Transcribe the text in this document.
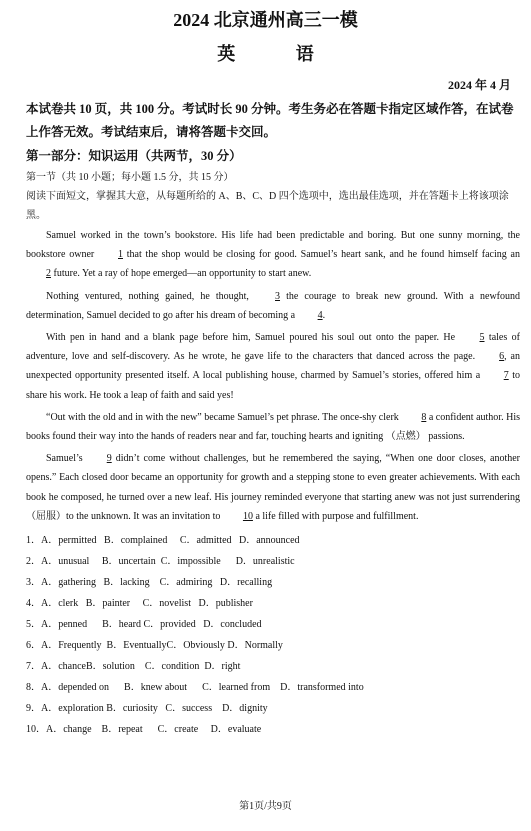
2024 北京通州高三一模
英 语
2024 年 4 月
本试卷共 10 页，共 100 分。考试时长 90 分钟。考生务必在答题卡指定区域作答，在试卷上作答无效。考试结束后，请将答题卡交回。
第一部分：知识运用（共两节，30 分）
第一节（共 10 小题；每小题 1.5 分，共 15 分）
阅读下面短文，掌握其大意，从每题所给的 A、B、C、D 四个选项中，选出最佳选项，并在答题卡上将该项涂黑。

Samuel worked in the town’s bookstore. His life had been predictable and boring. But one sunny morning, the bookstore owner 1 that the shop would be closing for good. Samuel’s heart sank, and he found himself facing an 2 future. Yet a ray of hope emerged—an opportunity to start anew.

Nothing ventured, nothing gained, he thought, 3 the courage to break new ground. With a newfound determination, Samuel decided to go after his dream of becoming a 4.

With pen in hand and a blank page before him, Samuel poured his soul out onto the paper. He 5 tales of adventure, love and self-discovery. As he wrote, he gave life to the characters that danced across the page. 6, an unexpected opportunity presented itself. A local publishing house, charmed by Samuel’s stories, offered him a 7 to share his work. He took a leap of faith and said yes!

“Out with the old and in with the new” became Samuel’s pet phrase. The once-shy clerk 8 a confident author. His books found their way into the hands of readers near and far, touching hearts and igniting （点燃） passions.

Samuel’s 9 didn’t come without challenges, but he remembered the saying, “When one door closes, another opens.” Each closed door became an opportunity for growth and a stepping stone to even greater achievements. With each book he composed, he turned over a new leaf. His journey reminded everyone that starting anew was not just surrendering（屈服）to the unknown. It was an invitation to 10 a life filled with purpose and fulfillment.

1．A．permitted   B．complained     C．admitted   D．announced
2．A．unusual     B．uncertain  C．impossible      D．unrealistic
3．A．gathering   B．lacking    C．admiring   D．recalling
4．A．clerk   B．painter     C．novelist   D．publisher
5．A．penned      B．heard C．provided   D．concluded
6．A．Frequently  B．EventuallyC．Obviously D．Normally
7．A．chanceB．solution    C．condition  D．right
8．A．depended on      B．knew about      C．learned from    D．transformed into
9．A．exploration B．curiosity   C．success    D．dignity
10．A．change    B．repeat      C．create     D．evaluate
第1页/共9页
